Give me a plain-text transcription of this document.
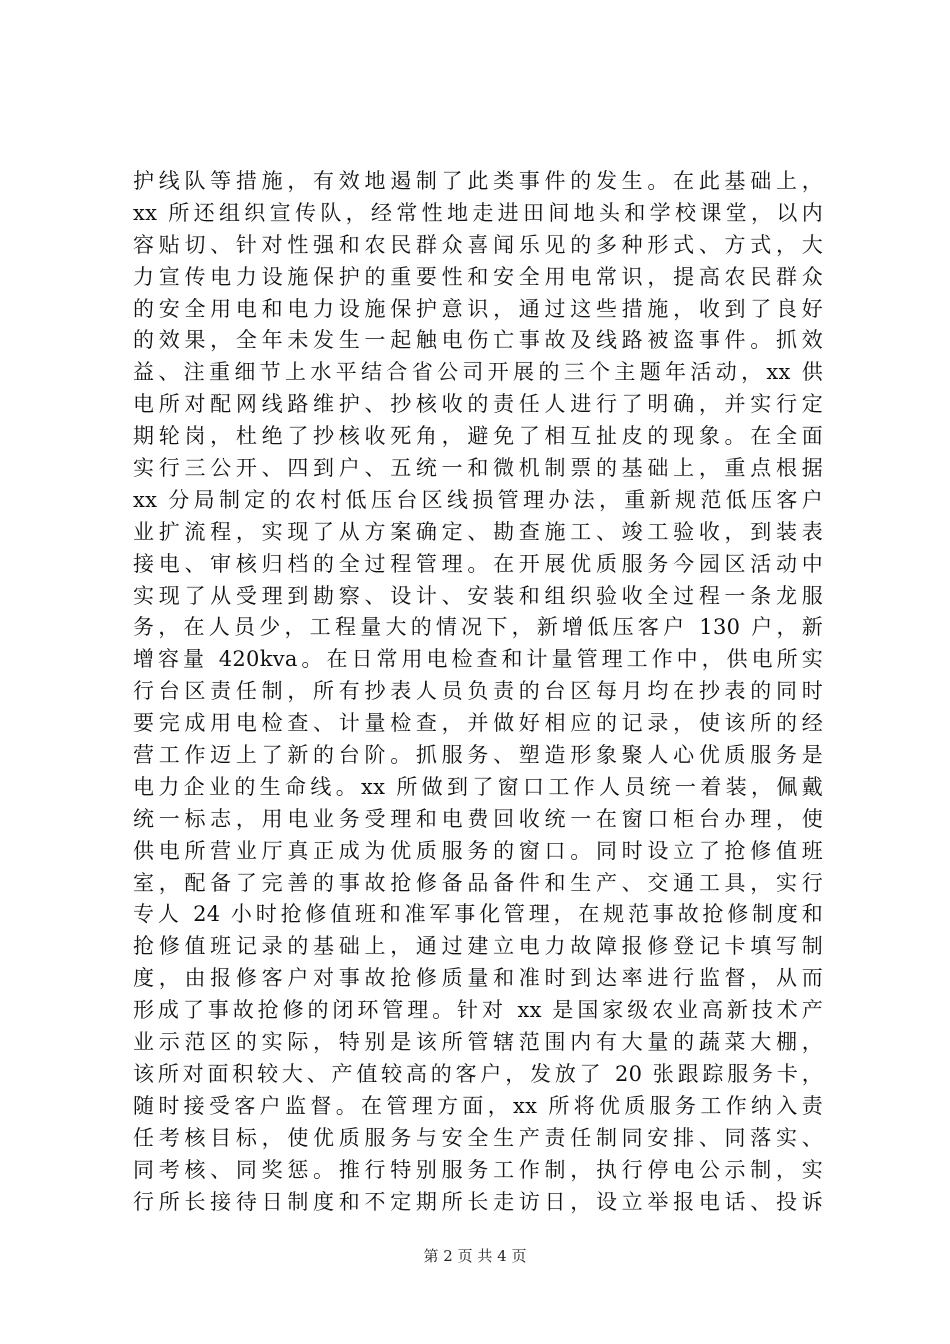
护线队等措施，有效地遏制了此类事件的发生。在此基础上，
xx 所还组织宣传队，经常性地走进田间地头和学校课堂，以内
容贴切、针对性强和农民群众喜闻乐见的多种形式、方式，大
力宣传电力设施保护的重要性和安全用电常识，提高农民群众
的安全用电和电力设施保护意识，通过这些措施，收到了良好
的效果，全年未发生一起触电伤亡事故及线路被盗事件。抓效
益、注重细节上水平结合省公司开展的三个主题年活动，xx 供
电所对配网线路维护、抄核收的责任人进行了明确，并实行定
期轮岗，杜绝了抄核收死角，避免了相互扯皮的现象。在全面
实行三公开、四到户、五统一和微机制票的基础上，重点根据
xx 分局制定的农村低压台区线损管理办法，重新规范低压客户
业扩流程，实现了从方案确定、勘查施工、竣工验收，到装表
接电、审核归档的全过程管理。在开展优质服务今园区活动中
实现了从受理到勘察、设计、安装和组织验收全过程一条龙服
务，在人员少，工程量大的情况下，新增低压客户 130 户，新
增容量 420kva。在日常用电检查和计量管理工作中，供电所实
行台区责任制，所有抄表人员负责的台区每月均在抄表的同时
要完成用电检查、计量检查，并做好相应的记录，使该所的经
营工作迈上了新的台阶。抓服务、塑造形象聚人心优质服务是
电力企业的生命线。xx 所做到了窗口工作人员统一着装，佩戴
统一标志，用电业务受理和电费回收统一在窗口柜台办理，使
供电所营业厅真正成为优质服务的窗口。同时设立了抢修值班
室，配备了完善的事故抢修备品备件和生产、交通工具，实行
专人 24 小时抢修值班和准军事化管理，在规范事故抢修制度和
抢修值班记录的基础上，通过建立电力故障报修登记卡填写制
度，由报修客户对事故抢修质量和准时到达率进行监督，从而
形成了事故抢修的闭环管理。针对 xx 是国家级农业高新技术产
业示范区的实际，特别是该所管辖范围内有大量的蔬菜大棚，
该所对面积较大、产值较高的客户，发放了 20 张跟踪服务卡，
随时接受客户监督。在管理方面，xx 所将优质服务工作纳入责
任考核目标，使优质服务与安全生产责任制同安排、同落实、
同考核、同奖惩。推行特别服务工作制，执行停电公示制，实
行所长接待日制度和不定期所长走访日，设立举报电话、投诉
第 2 页 共 4 页
